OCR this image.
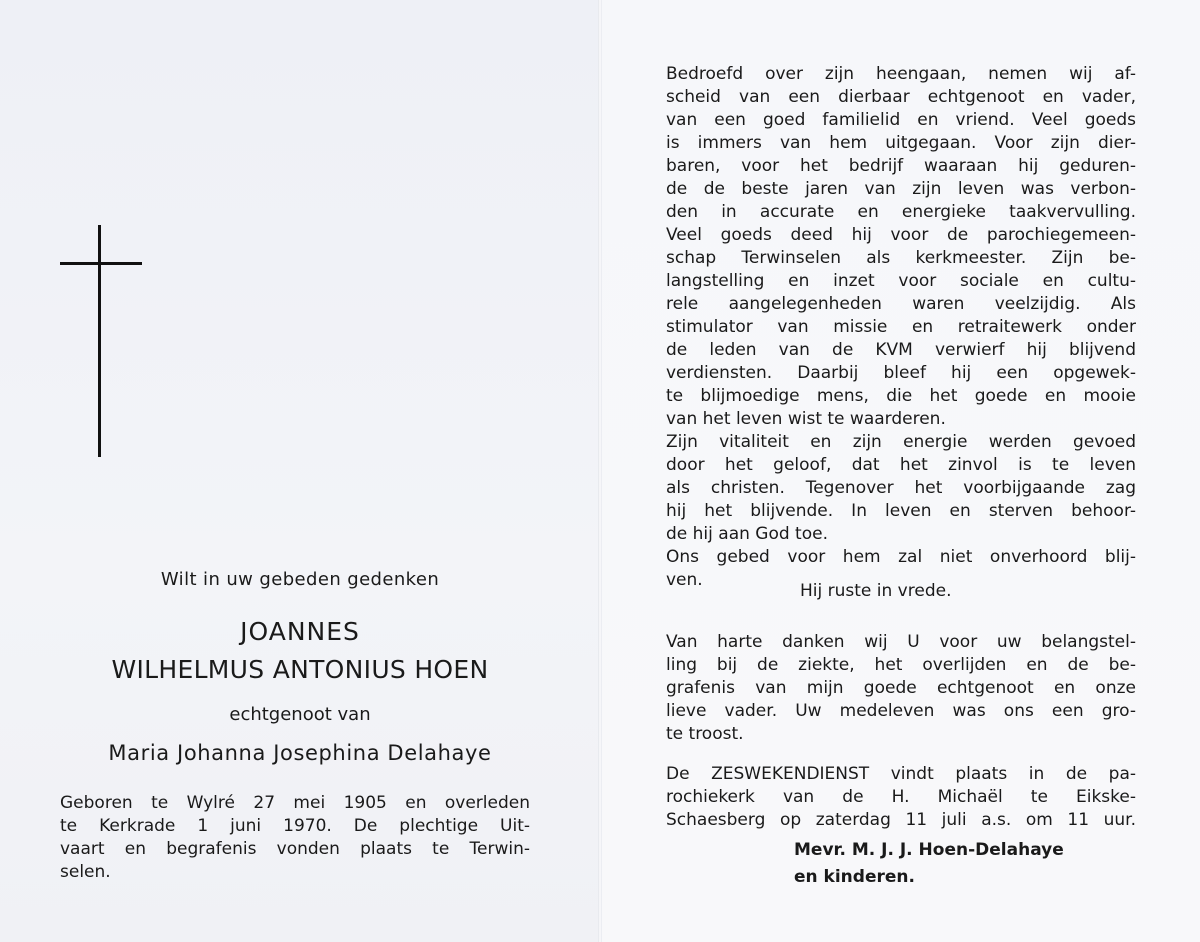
Wilt in uw gebeden gedenken
JOANNES
WILHELMUS ANTONIUS HOEN
echtgenoot van
Maria Johanna Josephina Delahaye
Geboren te Wylré 27 mei 1905 en overleden
te Kerkrade 1 juni 1970. De plechtige Uit-
vaart en begrafenis vonden plaats te Terwin-
selen.
Bedroefd over zijn heengaan, nemen wij af-
scheid van een dierbaar echtgenoot en vader,
van een goed familielid en vriend. Veel goeds
is immers van hem uitgegaan. Voor zijn dier-
baren, voor het bedrijf waaraan hij geduren-
de de beste jaren van zijn leven was verbon-
den in accurate en energieke taakvervulling.
Veel goeds deed hij voor de parochiegemeen-
schap Terwinselen als kerkmeester. Zijn be-
langstelling en inzet voor sociale en cultu-
rele aangelegenheden waren veelzijdig. Als
stimulator van missie en retraitewerk onder
de leden van de KVM verwierf hij blijvend
verdiensten. Daarbij bleef hij een opgewek-
te blijmoedige mens, die het goede en mooie
van het leven wist te waarderen.
Zijn vitaliteit en zijn energie werden gevoed
door het geloof, dat het zinvol is te leven
als christen. Tegenover het voorbijgaande zag
hij het blijvende. In leven en sterven behoor-
de hij aan God toe.
Ons gebed voor hem zal niet onverhoord blij-
ven.
Hij ruste in vrede.
Van harte danken wij U voor uw belangstel-
ling bij de ziekte, het overlijden en de be-
grafenis van mijn goede echtgenoot en onze
lieve vader. Uw medeleven was ons een gro-
te troost.
De ZESWEKENDIENST vindt plaats in de pa-
rochiekerk van de H. Michaël te Eikske-
Schaesberg op zaterdag 11 juli a.s. om 11 uur.
Mevr. M. J. J. Hoen-Delahaye
en kinderen.
